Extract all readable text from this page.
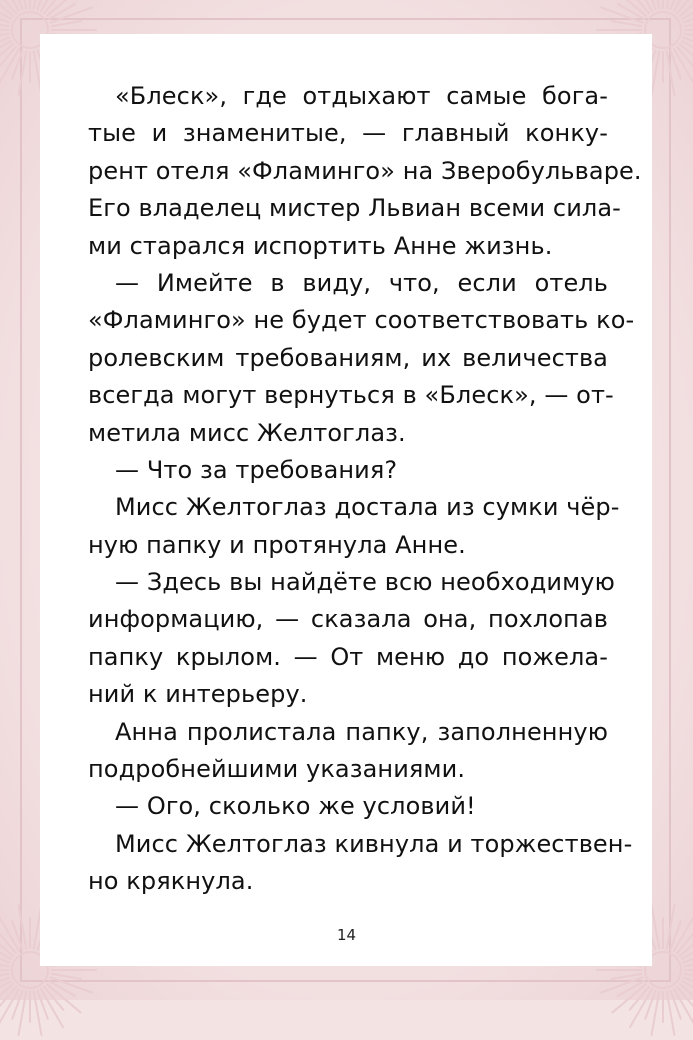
«Блеск», где отдыхают самые бога-
тые и знаменитые, — главный конку-
рент отеля «Фламинго» на Зверобульваре.
Его владелец мистер Львиан всеми сила-
ми старался испортить Анне жизнь.
— Имейте в виду, что, если отель
«Фламинго» не будет соответствовать ко-
ролевским требованиям, их величества
всегда могут вернуться в «Блеск», — от-
метила мисс Желтоглаз.
— Что за требования?
Мисс Желтоглаз достала из сумки чёр-
ную папку и протянула Анне.
— Здесь вы найдёте всю необходимую
информацию, — сказала она, похлопав
папку крылом. — От меню до пожела-
ний к интерьеру.
Анна пролистала папку, заполненную
подробнейшими указаниями.
— Ого, сколько же условий!
Мисс Желтоглаз кивнула и торжествен-
но крякнула.
14
